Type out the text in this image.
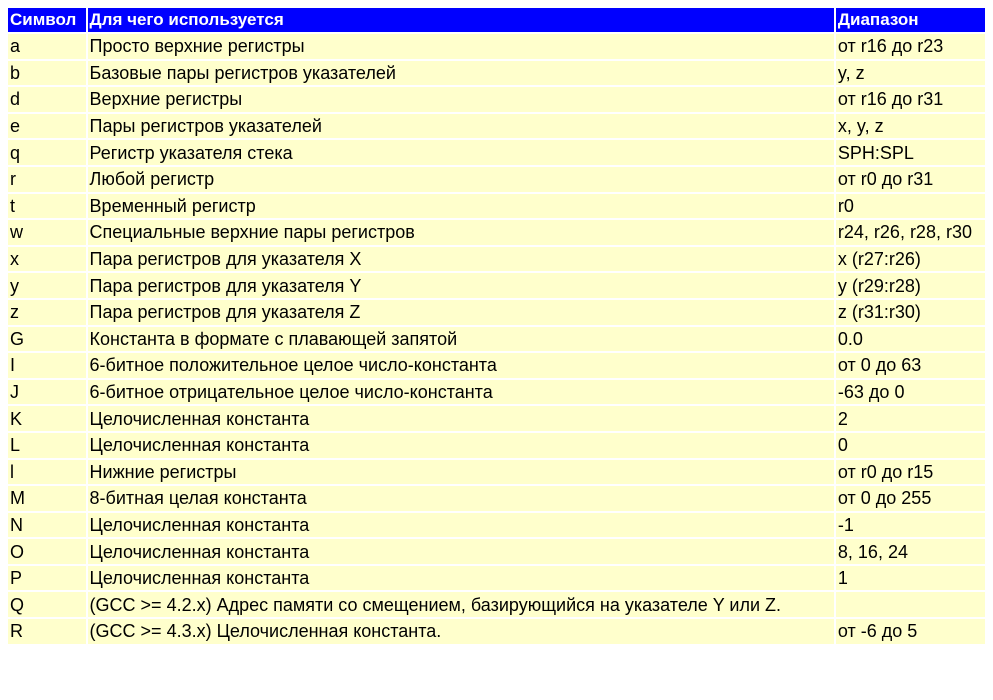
Символ	Для чего используется	Диапазон
a	Просто верхние регистры	от r16 до r23
b	Базовые пары регистров указателей	y, z
d	Верхние регистры	от r16 до r31
e	Пары регистров указателей	x, y, z
q	Регистр указателя стека	SPH:SPL
r	Любой регистр	от r0 до r31
t	Временный регистр	r0
w	Специальные верхние пары регистров	r24, r26, r28, r30
x	Пара регистров для указателя X	x (r27:r26)
y	Пара регистров для указателя Y	y (r29:r28)
z	Пара регистров для указателя Z	z (r31:r30)
G	Константа в формате с плавающей запятой	0.0
I	6-битное положительное целое число-константа	от 0 до 63
J	6-битное отрицательное целое число-константа	-63 до 0
K	Целочисленная константа	2
L	Целочисленная константа	0
l	Нижние регистры	от r0 до r15
M	8-битная целая константа	от 0 до 255
N	Целочисленная константа	-1
O	Целочисленная константа	8, 16, 24
P	Целочисленная константа	1
Q	(GCC >= 4.2.x) Адрес памяти со смещением, базирующийся на указателе Y или Z.	
R	(GCC >= 4.3.x) Целочисленная константа.	от -6 до 5
